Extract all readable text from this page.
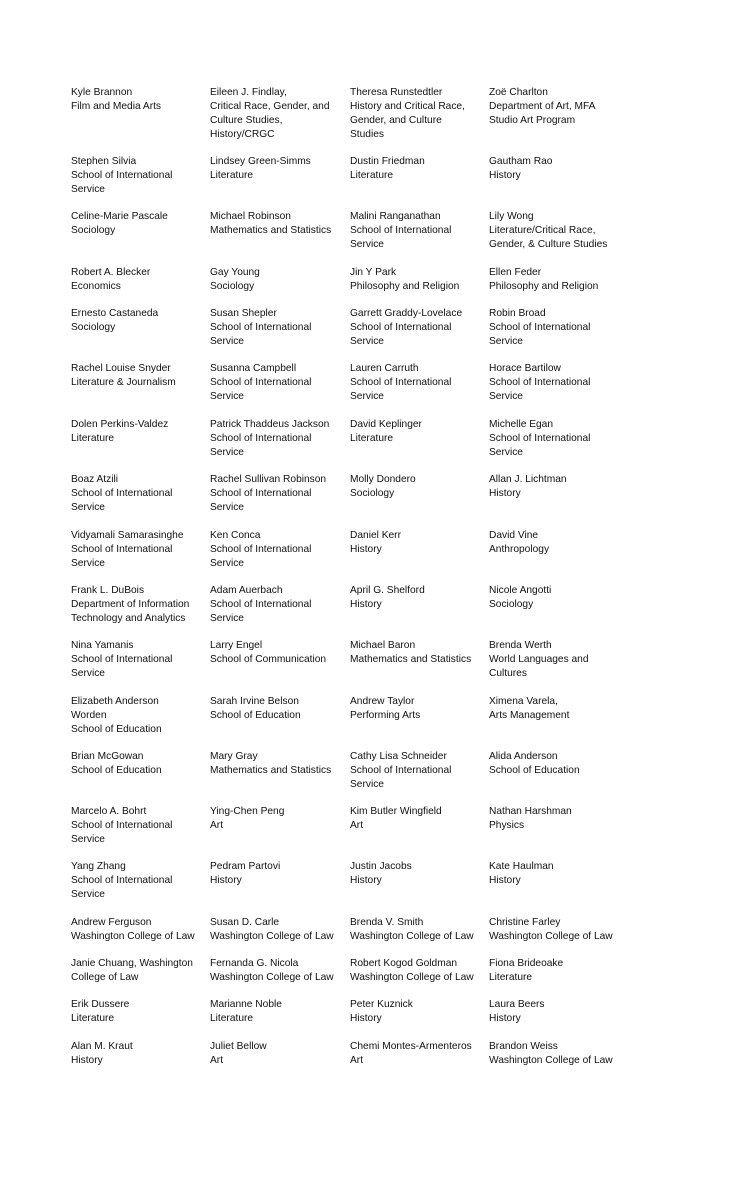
Kyle Brannon
Film and Media Arts
Eileen J. Findlay,
Critical Race, Gender, and
Culture Studies,
History/CRGC
Theresa Runstedtler
History and Critical Race,
Gender, and Culture
Studies
Zoë Charlton
Department of Art, MFA
Studio Art Program
Stephen Silvia
School of International
Service
Lindsey Green-Simms
Literature
Dustin Friedman
Literature
Gautham Rao
History
Celine-Marie Pascale
Sociology
Michael Robinson
Mathematics and Statistics
Malini Ranganathan
School of International
Service
Lily Wong
Literature/Critical Race,
Gender, & Culture Studies
Robert A. Blecker
Economics
Gay Young
Sociology
Jin Y Park
Philosophy and Religion
Ellen Feder
Philosophy and Religion
Ernesto Castaneda
Sociology
Susan Shepler
School of International
Service
Garrett Graddy-Lovelace
School of International
Service
Robin Broad
School of International
Service
Rachel Louise Snyder
Literature & Journalism
Susanna Campbell
School of International
Service
Lauren Carruth
School of International
Service
Horace Bartilow
School of International
Service
Dolen Perkins-Valdez
Literature
Patrick Thaddeus Jackson
School of International
Service
David Keplinger
Literature
Michelle Egan
School of International
Service
Boaz Atzili
School of International
Service
Rachel Sullivan Robinson
School of International
Service
Molly Dondero
Sociology
Allan J. Lichtman
History
Vidyamali Samarasinghe
School of International
Service
Ken Conca
School of International
Service
Daniel Kerr
History
David Vine
Anthropology
Frank L. DuBois
Department of Information
Technology and Analytics
Adam Auerbach
School of International
Service
April G. Shelford
History
Nicole Angotti
Sociology
Nina Yamanis
School of International
Service
Larry Engel
School of Communication
Michael Baron
Mathematics and Statistics
Brenda Werth
World Languages and
Cultures
Elizabeth Anderson
Worden
School of Education
Sarah Irvine Belson
School of Education
Andrew Taylor
Performing Arts
Ximena Varela,
Arts Management
Brian McGowan
School of Education
Mary Gray
Mathematics and Statistics
Cathy Lisa Schneider
School of International
Service
Alida Anderson
School of Education
Marcelo A. Bohrt
School of International
Service
Ying-Chen Peng
Art
Kim Butler Wingfield
Art
Nathan Harshman
Physics
Yang Zhang
School of International
Service
Pedram Partovi
History
Justin Jacobs
History
Kate Haulman
History
Andrew Ferguson
Washington College of Law
Susan D. Carle
Washington College of Law
Brenda V. Smith
Washington College of Law
Christine Farley
Washington College of Law
Janie Chuang, Washington
College of Law
Fernanda G. Nicola
Washington College of Law
Robert Kogod Goldman
Washington College of Law
Fiona Brideoake
Literature
Erik Dussere
Literature
Marianne Noble
Literature
Peter Kuznick
History
Laura Beers
History
Alan M. Kraut
History
Juliet Bellow
Art
Chemi Montes-Armenteros
Art
Brandon Weiss
Washington College of Law
